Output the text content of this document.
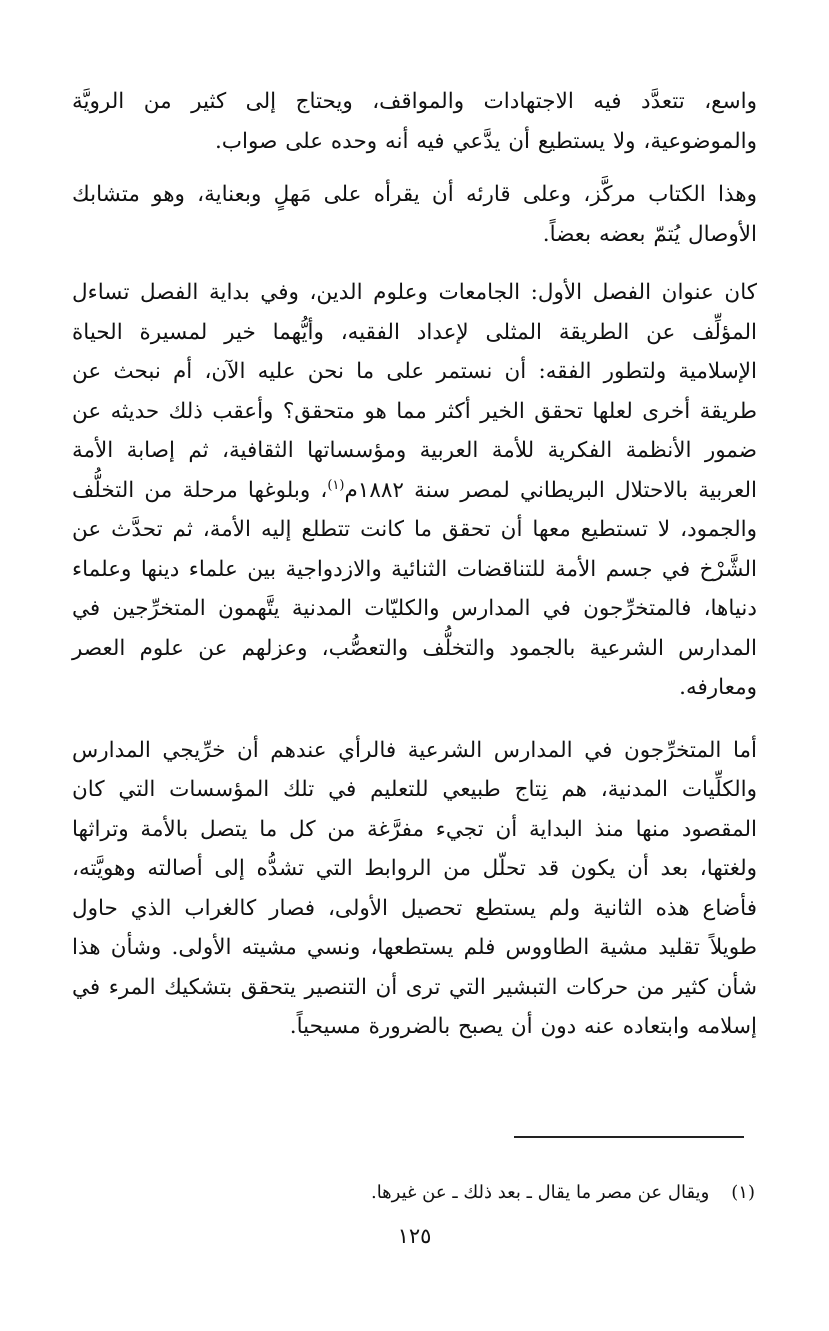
واسع، تتعدَّد فيه الاجتهادات والمواقف، ويحتاج إلى كثير من الرويَّة والموضوعية، ولا يستطيع أن يدَّعي فيه أنه وحده على صواب.

وهذا الكتاب مركَّز، وعلى قارئه أن يقرأه على مَهلٍ وبعناية، وهو متشابك الأوصال يُتمّ بعضه بعضاً.

كان عنوان الفصل الأول: الجامعات وعلوم الدين، وفي بداية الفصل تساءل المؤلِّف عن الطريقة المثلى لإعداد الفقيه، وأيُّهما خير لمسيرة الحياة الإسلامية ولتطور الفقه: أن نستمر على ما نحن عليه الآن، أم نبحث عن طريقة أخرى لعلها تحقق الخير أكثر مما هو متحقق؟ وأعقب ذلك حديثه عن ضمور الأنظمة الفكرية للأمة العربية ومؤسساتها الثقافية، ثم إصابة الأمة العربية بالاحتلال البريطاني لمصر سنة ١٨٨٢م$^{(١)}$، وبلوغها مرحلة من التخلُّف والجمود، لا تستطيع معها أن تحقق ما كانت تتطلع إليه الأمة، ثم تحدَّث عن الشَّرْخ في جسم الأمة للتناقضات الثنائية والازدواجية بين علماء دينها وعلماء دنياها، فالمتخرِّجون في المدارس والكليّات المدنية يتَّهمون المتخرِّجين في المدارس الشرعية بالجمود والتخلُّف والتعصُّب، وعزلهم عن علوم العصر ومعارفه.

أما المتخرِّجون في المدارس الشرعية فالرأي عندهم أن خرِّيجي المدارس والكلِّيات المدنية، هم نِتاج طبيعي للتعليم في تلك المؤسسات التي كان المقصود منها منذ البداية أن تجيء مفرَّغة من كل ما يتصل بالأمة وتراثها ولغتها، بعد أن يكون قد تحلّل من الروابط التي تشدُّه إلى أصالته وهويَّته، فأضاع هذه الثانية ولم يستطع تحصيل الأولى، فصار كالغراب الذي حاول طويلاً تقليد مشية الطاووس فلم يستطعها، ونسي مشيته الأولى. وشأن هذا شأن كثير من حركات التبشير التي ترى أن التنصير يتحقق بتشكيك المرء في إسلامه وابتعاده عنه دون أن يصبح بالضرورة مسيحياً.

(١)ويقال عن مصر ما يقال ـ بعد ذلك ـ عن غيرها.
١٢٥
